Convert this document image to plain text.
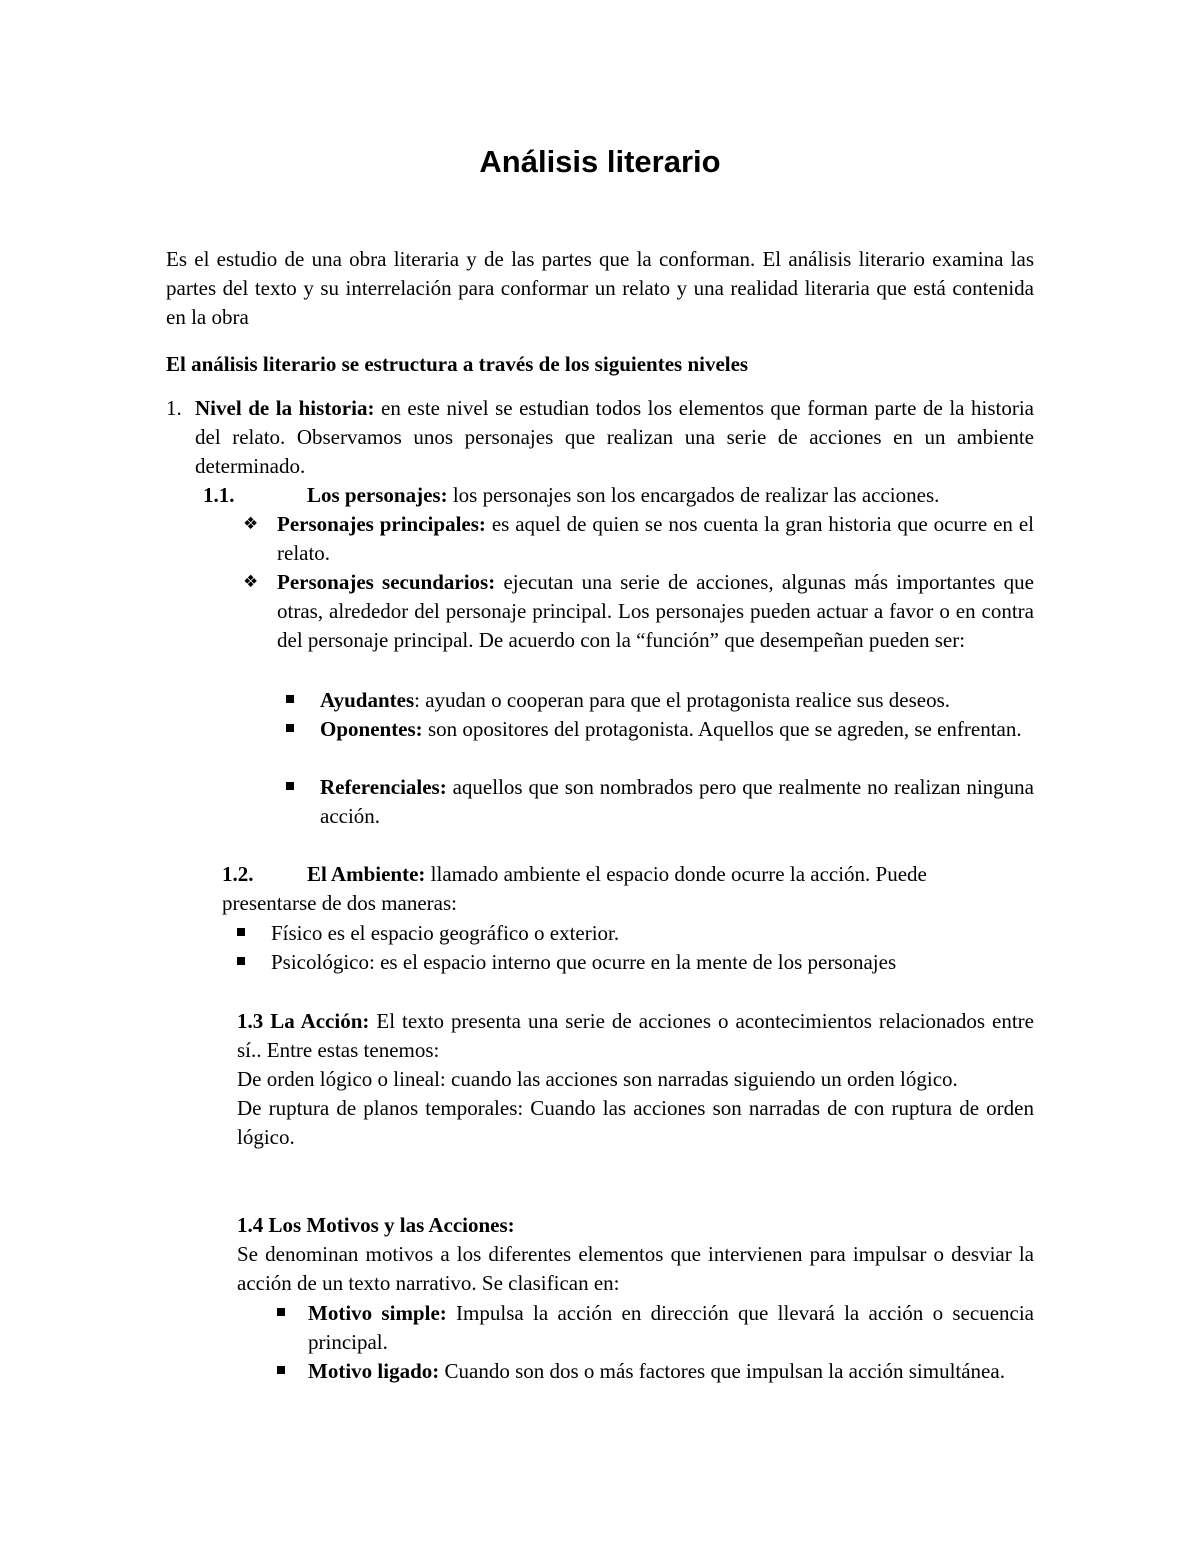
Análisis literario
Es el estudio de una obra literaria y de las partes que la conforman. El análisis literario examina las partes del texto y su interrelación para conformar un relato y una realidad literaria que está contenida en la obra
El análisis literario se estructura a través de los siguientes niveles
1. Nivel de la historia: en este nivel se estudian todos los elementos que forman parte de la historia del relato. Observamos unos personajes que realizan una serie de acciones en un ambiente determinado.
1.1.	Los personajes: los personajes son los encargados de realizar las acciones.
❖ Personajes principales: es aquel de quien se nos cuenta la gran historia que ocurre en el relato.
❖ Personajes secundarios: ejecutan una serie de acciones, algunas más importantes que otras, alrededor del personaje principal. Los personajes pueden actuar a favor o en contra del personaje principal. De acuerdo con la “función” que desempeñan pueden ser:
Ayudantes: ayudan o cooperan para que el protagonista realice sus deseos.
Oponentes: son opositores del protagonista. Aquellos que se agreden, se enfrentan.
Referenciales: aquellos que son nombrados pero que realmente no realizan ninguna acción.
1.2.	El Ambiente: llamado ambiente el espacio donde ocurre la acción. Puede
presentarse de dos maneras:
Físico es el espacio geográfico o exterior.
Psicológico: es el espacio interno que ocurre en la mente de los personajes
1.3 La Acción: El texto presenta una serie de acciones o acontecimientos relacionados entre sí.. Entre estas tenemos:
De orden lógico o lineal: cuando las acciones son narradas siguiendo un orden lógico.
De ruptura de planos temporales: Cuando las acciones son narradas de con ruptura de orden lógico.
1.4 Los Motivos y las Acciones:
Se denominan motivos a los diferentes elementos que intervienen para impulsar o desviar la acción de un texto narrativo. Se clasifican en:
Motivo simple: Impulsa la acción en dirección que llevará la acción o secuencia principal.
Motivo ligado: Cuando son dos o más factores que impulsan la acción simultánea.
